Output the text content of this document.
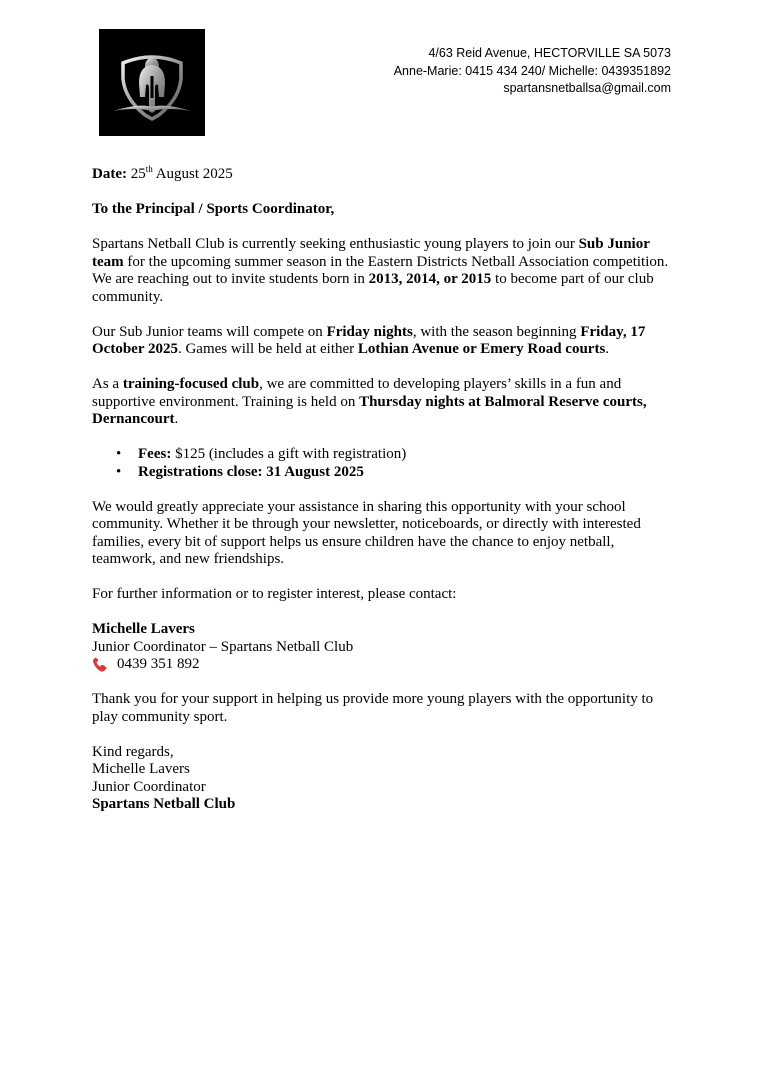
4/63 Reid Avenue, HECTORVILLE SA 5073
Anne-Marie: 0415 434 240/ Michelle: 0439351892
spartansnetballsa@gmail.com

Date: 25th August 2025

To the Principal / Sports Coordinator,

Spartans Netball Club is currently seeking enthusiastic young players to join our Sub Junior team for the upcoming summer season in the Eastern Districts Netball Association competition. We are reaching out to invite students born in 2013, 2014, or 2015 to become part of our club community.

Our Sub Junior teams will compete on Friday nights, with the season beginning Friday, 17 October 2025. Games will be held at either Lothian Avenue or Emery Road courts.

As a training-focused club, we are committed to developing players’ skills in a fun and supportive environment. Training is held on Thursday nights at Balmoral Reserve courts, Dernancourt.

• Fees: $125 (includes a gift with registration)
• Registrations close: 31 August 2025

We would greatly appreciate your assistance in sharing this opportunity with your school community. Whether it be through your newsletter, noticeboards, or directly with interested families, every bit of support helps us ensure children have the chance to enjoy netball, teamwork, and new friendships.

For further information or to register interest, please contact:

Michelle Lavers

Junior Coordinator – Spartans Netball Club

0439 351 892

Thank you for your support in helping us provide more young players with the opportunity to play community sport.

Kind regards,

Michelle Lavers

Junior Coordinator

Spartans Netball Club
